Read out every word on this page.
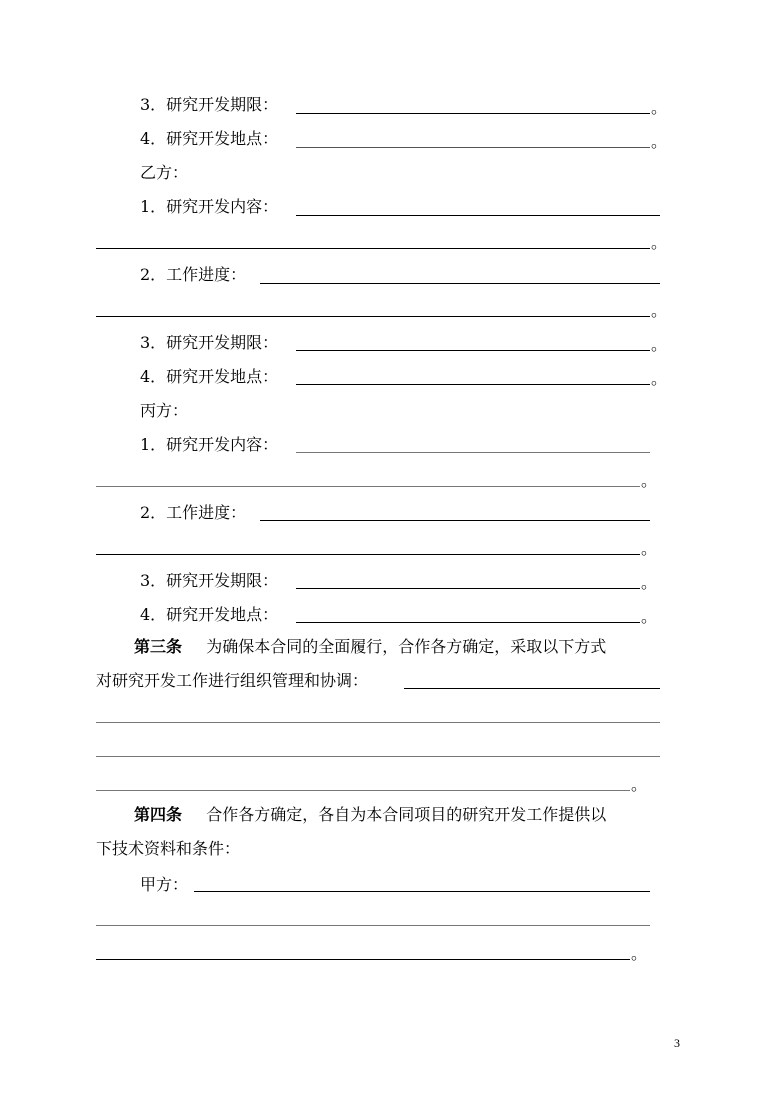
3．研究开发期限：	。
4．研究开发地点：	。
乙方：
1．研究开发内容：
。
2．工作进度：
。
3．研究开发期限：	。
4．研究开发地点：	。
丙方：
1．研究开发内容：
。
2．工作进度：
。
3．研究开发期限：	。
4．研究开发地点：	。
第三条 为确保本合同的全面履行，合作各方确定，采取以下方式
对研究开发工作进行组织管理和协调：
。
第四条 合作各方确定，各自为本合同项目的研究开发工作提供以
下技术资料和条件：
甲方：
。
3
